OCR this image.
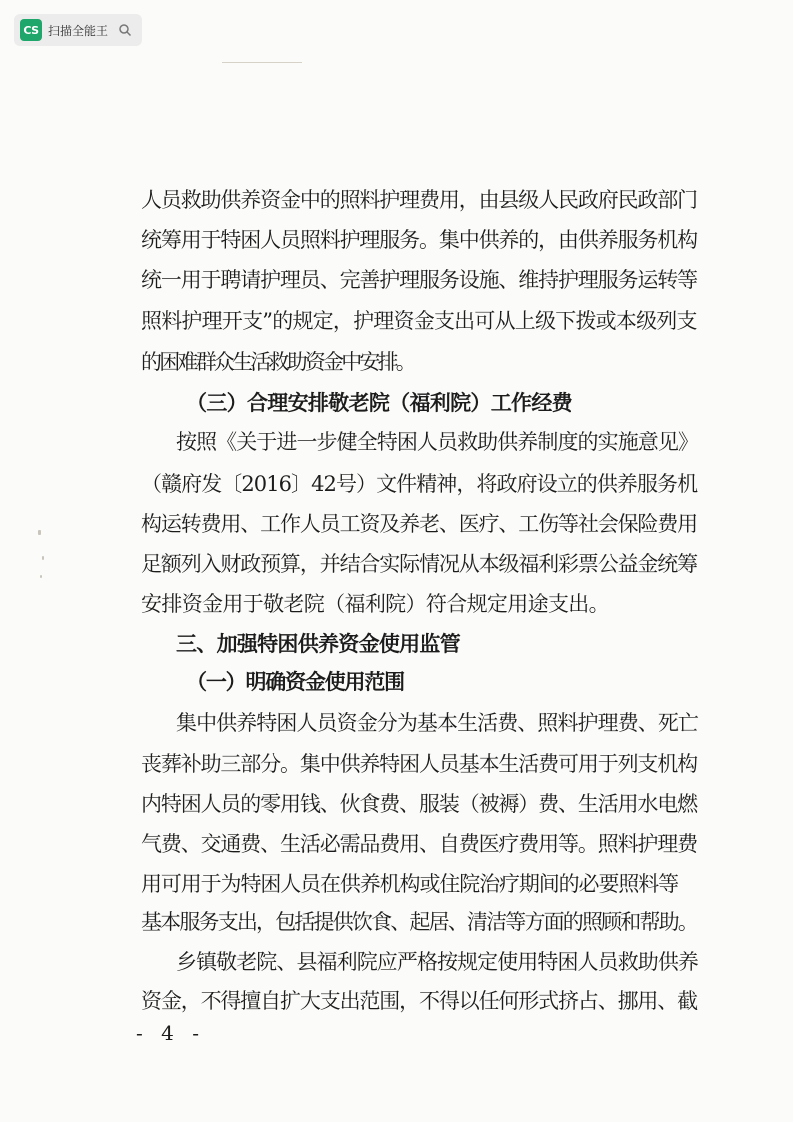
CS 扫描全能王
人员救助供养资金中的照料护理费用，由县级人民政府民政部门
统筹用于特困人员照料护理服务。集中供养的，由供养服务机构
统一用于聘请护理员、完善护理服务设施、维持护理服务运转等
照料护理开支”的规定，护理资金支出可从上级下拨或本级列支
的困难群众生活救助资金中安排。
（三）合理安排敬老院（福利院）工作经费
按照《关于进一步健全特困人员救助供养制度的实施意见》
（赣府发〔2016〕42号）文件精神，将政府设立的供养服务机
构运转费用、工作人员工资及养老、医疗、工伤等社会保险费用
足额列入财政预算，并结合实际情况从本级福利彩票公益金统筹
安排资金用于敬老院（福利院）符合规定用途支出。
三、加强特困供养资金使用监管
（一）明确资金使用范围
集中供养特困人员资金分为基本生活费、照料护理费、死亡
丧葬补助三部分。集中供养特困人员基本生活费可用于列支机构
内特困人员的零用钱、伙食费、服装（被褥）费、生活用水电燃
气费、交通费、生活必需品费用、自费医疗费用等。照料护理费
用可用于为特困人员在供养机构或住院治疗期间的必要照料等
基本服务支出，包括提供饮食、起居、清洁等方面的照顾和帮助。
乡镇敬老院、县福利院应严格按规定使用特困人员救助供养
资金，不得擅自扩大支出范围，不得以任何形式挤占、挪用、截
- 4 -
